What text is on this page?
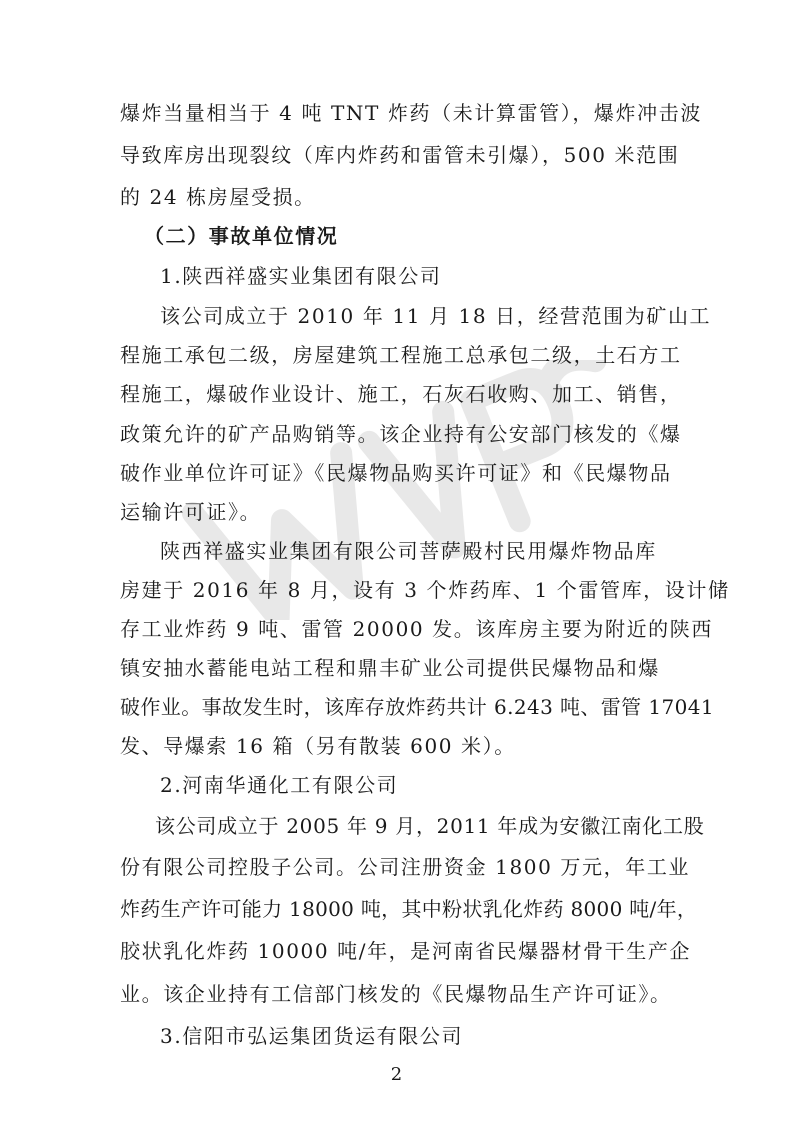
爆炸当量相当于 4 吨 TNT 炸药（未计算雷管），爆炸冲击波
导致库房出现裂纹（库内炸药和雷管未引爆），500 米范围
的 24 栋房屋受损。
（二）事故单位情况
1.陕西祥盛实业集团有限公司
该公司成立于 2010 年 11 月 18 日，经营范围为矿山工
程施工承包二级，房屋建筑工程施工总承包二级，土石方工
程施工，爆破作业设计、施工，石灰石收购、加工、销售，
政策允许的矿产品购销等。该企业持有公安部门核发的《爆
破作业单位许可证》《民爆物品购买许可证》和《民爆物品
运输许可证》。
陕西祥盛实业集团有限公司菩萨殿村民用爆炸物品库
房建于 2016 年 8 月，设有 3 个炸药库、1 个雷管库，设计储
存工业炸药 9 吨、雷管 20000 发。该库房主要为附近的陕西
镇安抽水蓄能电站工程和鼎丰矿业公司提供民爆物品和爆
破作业。事故发生时，该库存放炸药共计 6.243 吨、雷管 17041
发、导爆索 16 箱（另有散装 600 米）。
2.河南华通化工有限公司
该公司成立于 2005 年 9 月，2011 年成为安徽江南化工股
份有限公司控股子公司。公司注册资金 1800 万元，年工业
炸药生产许可能力 18000 吨，其中粉状乳化炸药 8000 吨/年，
胶状乳化炸药 10000 吨/年，是河南省民爆器材骨干生产企
业。该企业持有工信部门核发的《民爆物品生产许可证》。
3.信阳市弘运集团货运有限公司
2
